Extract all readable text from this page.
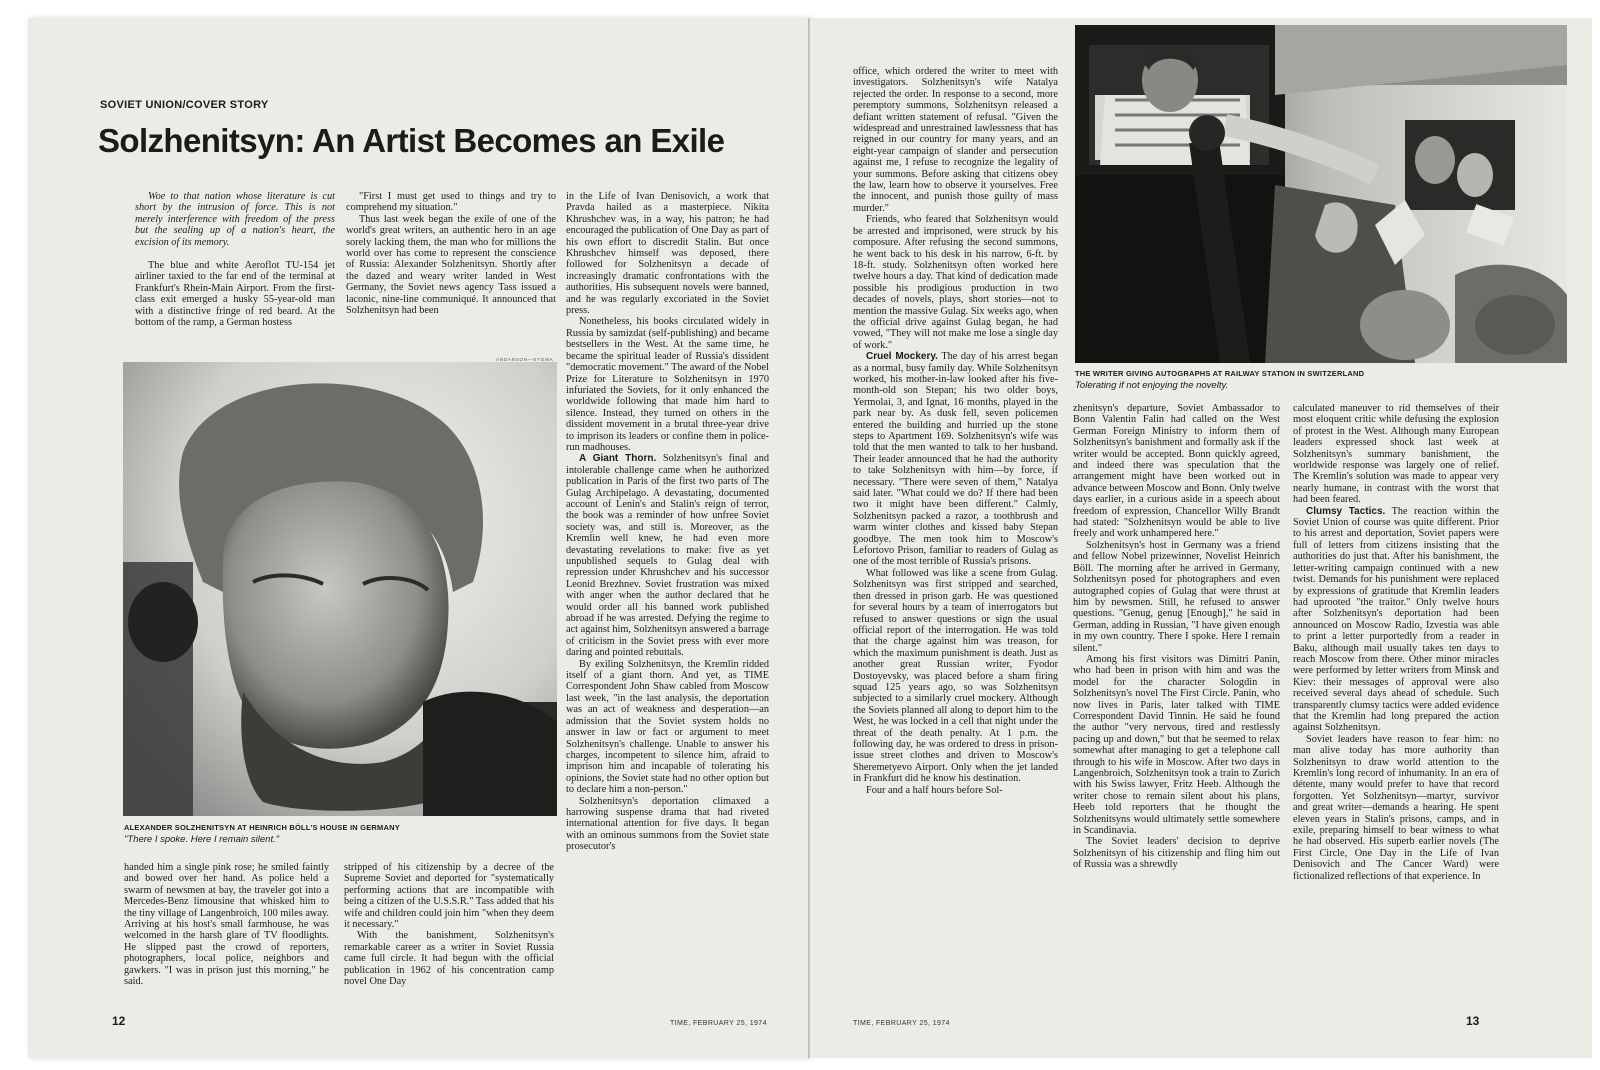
SOVIET UNION/COVER STORY
Solzhenitsyn: An Artist Becomes an Exile

Woe to that nation whose literature is cut short by the intrusion of force. This is not merely interference with freedom of the press but the sealing up of a nation's heart, the excision of its memory.

The blue and white Aeroflot TU-154 jet airliner taxied to the far end of the terminal at Frankfurt's Rhein-Main Airport. From the first-class exit emerged a husky 55-year-old man with a distinctive fringe of red beard. At the bottom of the ramp, a German hostess

"First I must get used to things and try to comprehend my situation."

Thus last week began the exile of one of the world's great writers, an authentic hero in an age sorely lacking them, the man who for millions the world over has come to represent the conscience of Russia: Alexander Solzhenitsyn. Shortly after the dazed and weary writer landed in West Germany, the Soviet news agency Tass issued a laconic, nine-line communiqué. It announced that Solzhenitsyn had been

ANDANSON—SYGMA
ALEXANDER SOLZHENITSYN AT HEINRICH BÖLL'S HOUSE IN GERMANY
"There I spoke. Here I remain silent."

handed him a single pink rose; he smiled faintly and bowed over her hand. As police held a swarm of newsmen at bay, the traveler got into a Mercedes-Benz limousine that whisked him to the tiny village of Langenbroich, 100 miles away. Arriving at his host's small farmhouse, he was welcomed in the harsh glare of TV floodlights. He slipped past the crowd of reporters, photographers, local police, neighbors and gawkers. "I was in prison just this morning," he said.

stripped of his citizenship by a decree of the Supreme Soviet and deported for "systematically performing actions that are incompatible with being a citizen of the U.S.S.R." Tass added that his wife and children could join him "when they deem it necessary."

With the banishment, Solzhenitsyn's remarkable career as a writer in Soviet Russia came full circle. It had begun with the official publication in 1962 of his concentration camp novel One Day

in the Life of Ivan Denisovich, a work that Pravda hailed as a masterpiece. Nikita Khrushchev was, in a way, his patron; he had encouraged the publication of One Day as part of his own effort to discredit Stalin. But once Khrushchev himself was deposed, there followed for Solzhenitsyn a decade of increasingly dramatic confrontations with the authorities. His subsequent novels were banned, and he was regularly excoriated in the Soviet press.

Nonetheless, his books circulated widely in Russia by samizdat (self-publishing) and became bestsellers in the West. At the same time, he became the spiritual leader of Russia's dissident "democratic movement." The award of the Nobel Prize for Literature to Solzhenitsyn in 1970 infuriated the Soviets, for it only enhanced the worldwide following that made him hard to silence. Instead, they turned on others in the dissident movement in a brutal three-year drive to imprison its leaders or confine them in police-run madhouses.

A Giant Thorn. Solzhenitsyn's final and intolerable challenge came when he authorized publication in Paris of the first two parts of The Gulag Archipelago. A devastating, documented account of Lenin's and Stalin's reign of terror, the book was a reminder of how unfree Soviet society was, and still is. Moreover, as the Kremlin well knew, he had even more devastating revelations to make: five as yet unpublished sequels to Gulag deal with repression under Khrushchev and his successor Leonid Brezhnev. Soviet frustration was mixed with anger when the author declared that he would order all his banned work published abroad if he was arrested. Defying the regime to act against him, Solzhenitsyn answered a barrage of criticism in the Soviet press with ever more daring and pointed rebuttals.

By exiling Solzhenitsyn, the Kremlin ridded itself of a giant thorn. And yet, as TIME Correspondent John Shaw cabled from Moscow last week, "in the last analysis, the deportation was an act of weakness and desperation—an admission that the Soviet system holds no answer in law or fact or argument to meet Solzhenitsyn's challenge. Unable to answer his charges, incompetent to silence him, afraid to imprison him and incapable of tolerating his opinions, the Soviet state had no other option but to declare him a non-person."

Solzhenitsyn's deportation climaxed a harrowing suspense drama that had riveted international attention for five days. It began with an ominous summons from the Soviet state prosecutor's

12	TIME, FEBRUARY 25, 1974

office, which ordered the writer to meet with investigators. Solzhenitsyn's wife Natalya rejected the order. In response to a second, more peremptory summons, Solzhenitsyn released a defiant written statement of refusal. "Given the widespread and unrestrained lawlessness that has reigned in our country for many years, and an eight-year campaign of slander and persecution against me, I refuse to recognize the legality of your summons. Before asking that citizens obey the law, learn how to observe it yourselves. Free the innocent, and punish those guilty of mass murder."

Friends, who feared that Solzhenitsyn would be arrested and imprisoned, were struck by his composure. After refusing the second summons, he went back to his desk in his narrow, 6-ft. by 18-ft. study. Solzhenitsyn often worked here twelve hours a day. That kind of dedication made possible his prodigious production in two decades of novels, plays, short stories—not to mention the massive Gulag. Six weeks ago, when the official drive against Gulag began, he had vowed, "They will not make me lose a single day of work."

Cruel Mockery. The day of his arrest began as a normal, busy family day. While Solzhenitsyn worked, his mother-in-law looked after his five-month-old son Stepan; his two older boys, Yermolai, 3, and Ignat, 16 months, played in the park near by. As dusk fell, seven policemen entered the building and hurried up the stone steps to Apartment 169. Solzhenitsyn's wife was told that the men wanted to talk to her husband. Their leader announced that he had the authority to take Solzhenitsyn with him—by force, if necessary. "There were seven of them," Natalya said later. "What could we do? If there had been two it might have been different." Calmly, Solzhenitsyn packed a razor, a toothbrush and warm winter clothes and kissed baby Stepan goodbye. The men took him to Moscow's Lefortovo Prison, familiar to readers of Gulag as one of the most terrible of Russia's prisons.

What followed was like a scene from Gulag. Solzhenitsyn was first stripped and searched, then dressed in prison garb. He was questioned for several hours by a team of interrogators but refused to answer questions or sign the usual official report of the interrogation. He was told that the charge against him was treason, for which the maximum punishment is death. Just as another great Russian writer, Fyodor Dostoyevsky, was placed before a sham firing squad 125 years ago, so was Solzhenitsyn subjected to a similarly cruel mockery. Although the Soviets planned all along to deport him to the West, he was locked in a cell that night under the threat of the death penalty. At 1 p.m. the following day, he was ordered to dress in prison-issue street clothes and driven to Moscow's Sheremetyevo Airport. Only when the jet landed in Frankfurt did he know his destination.

Four and a half hours before Sol-

THE WRITER GIVING AUTOGRAPHS AT RAILWAY STATION IN SWITZERLAND
Tolerating if not enjoying the novelty.

zhenitsyn's departure, Soviet Ambassador to Bonn Valentin Falin had called on the West German Foreign Ministry to inform them of Solzhenitsyn's banishment and formally ask if the writer would be accepted. Bonn quickly agreed, and indeed there was speculation that the arrangement might have been worked out in advance between Moscow and Bonn. Only twelve days earlier, in a curious aside in a speech about freedom of expression, Chancellor Willy Brandt had stated: "Solzhenitsyn would be able to live freely and work unhampered here."

Solzhenitsyn's host in Germany was a friend and fellow Nobel prizewinner, Novelist Heinrich Böll. The morning after he arrived in Germany, Solzhenitsyn posed for photographers and even autographed copies of Gulag that were thrust at him by newsmen. Still, he refused to answer questions. "Genug, genug [Enough]," he said in German, adding in Russian, "I have given enough in my own country. There I spoke. Here I remain silent."

Among his first visitors was Dimitri Panin, who had been in prison with him and was the model for the character Sologdin in Solzhenitsyn's novel The First Circle. Panin, who now lives in Paris, later talked with TIME Correspondent David Tinnin. He said he found the author "very nervous, tired and restlessly pacing up and down," but that he seemed to relax somewhat after managing to get a telephone call through to his wife in Moscow. After two days in Langenbroich, Solzhenitsyn took a train to Zurich with his Swiss lawyer, Fritz Heeb. Although the writer chose to remain silent about his plans, Heeb told reporters that he thought the Solzhenitsyns would ultimately settle somewhere in Scandinavia.

The Soviet leaders' decision to deprive Solzhenitsyn of his citizenship and fling him out of Russia was a shrewdly

calculated maneuver to rid themselves of their most eloquent critic while defusing the explosion of protest in the West. Although many European leaders expressed shock last week at Solzhenitsyn's summary banishment, the worldwide response was largely one of relief. The Kremlin's solution was made to appear very nearly humane, in contrast with the worst that had been feared.

Clumsy Tactics. The reaction within the Soviet Union of course was quite different. Prior to his arrest and deportation, Soviet papers were full of letters from citizens insisting that the authorities do just that. After his banishment, the letter-writing campaign continued with a new twist. Demands for his punishment were replaced by expressions of gratitude that Kremlin leaders had uprooted "the traitor." Only twelve hours after Solzhenitsyn's deportation had been announced on Moscow Radio, Izvestia was able to print a letter purportedly from a reader in Baku, although mail usually takes ten days to reach Moscow from there. Other minor miracles were performed by letter writers from Minsk and Kiev: their messages of approval were also received several days ahead of schedule. Such transparently clumsy tactics were added evidence that the Kremlin had long prepared the action against Solzhenitsyn.

Soviet leaders have reason to fear him: no man alive today has more authority than Solzhenitsyn to draw world attention to the Kremlin's long record of inhumanity. In an era of détente, many would prefer to have that record forgotten. Yet Solzhenitsyn—martyr, survivor and great writer—demands a hearing. He spent eleven years in Stalin's prisons, camps, and in exile, preparing himself to bear witness to what he had observed. His superb earlier novels (The First Circle, One Day in the Life of Ivan Denisovich and The Cancer Ward) were fictionalized reflections of that experience. In

TIME, FEBRUARY 25, 1974	13
